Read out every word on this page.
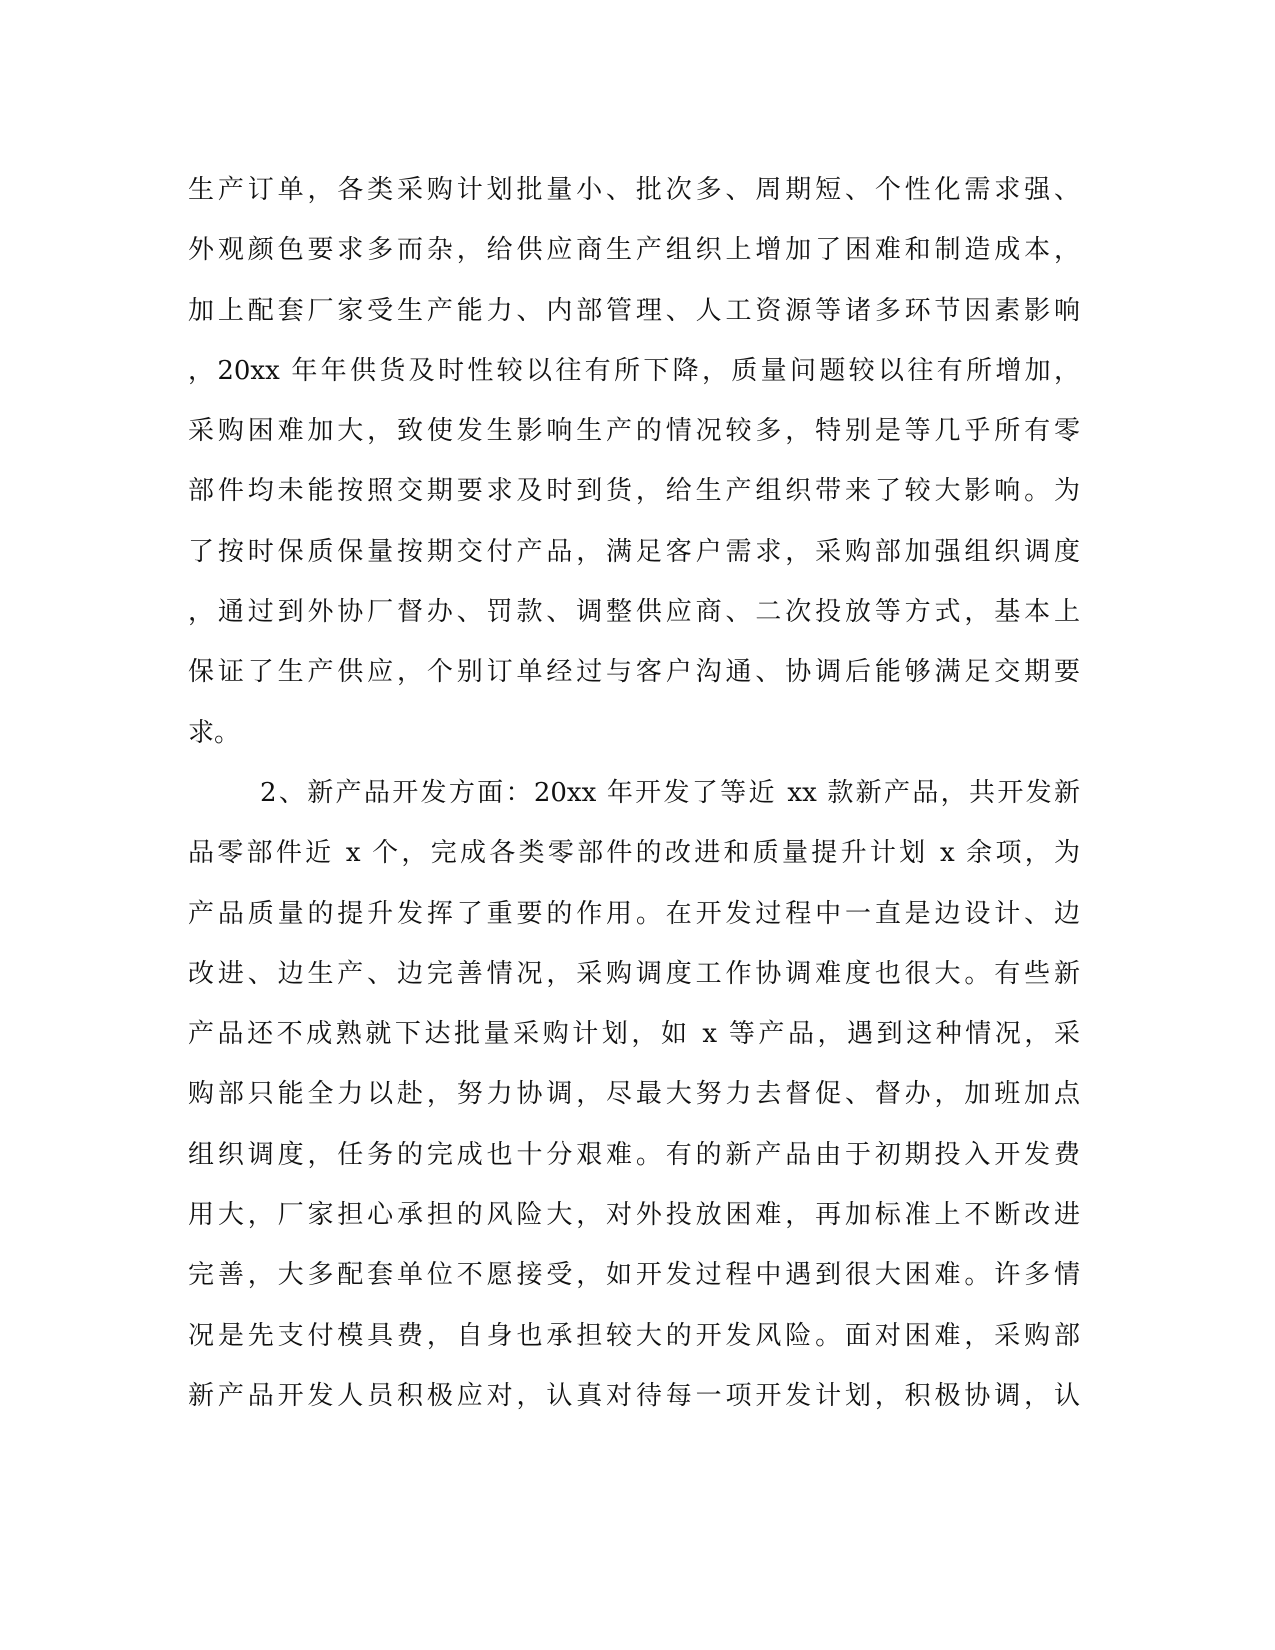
生产订单，各类采购计划批量小、批次多、周期短、个性化需求强、
外观颜色要求多而杂，给供应商生产组织上增加了困难和制造成本，
加上配套厂家受生产能力、内部管理、人工资源等诸多环节因素影响
，20xx 年年供货及时性较以往有所下降，质量问题较以往有所增加，
采购困难加大，致使发生影响生产的情况较多，特别是等几乎所有零
部件均未能按照交期要求及时到货，给生产组织带来了较大影响。为
了按时保质保量按期交付产品，满足客户需求，采购部加强组织调度
，通过到外协厂督办、罚款、调整供应商、二次投放等方式，基本上
保证了生产供应，个别订单经过与客户沟通、协调后能够满足交期要
求。
2、新产品开发方面：20xx 年开发了等近 xx 款新产品，共开发新
品零部件近 x 个，完成各类零部件的改进和质量提升计划 x 余项，为
产品质量的提升发挥了重要的作用。在开发过程中一直是边设计、边
改进、边生产、边完善情况，采购调度工作协调难度也很大。有些新
产品还不成熟就下达批量采购计划，如 x 等产品，遇到这种情况，采
购部只能全力以赴，努力协调，尽最大努力去督促、督办，加班加点
组织调度，任务的完成也十分艰难。有的新产品由于初期投入开发费
用大，厂家担心承担的风险大，对外投放困难，再加标准上不断改进
完善，大多配套单位不愿接受，如开发过程中遇到很大困难。许多情
况是先支付模具费，自身也承担较大的开发风险。面对困难，采购部
新产品开发人员积极应对，认真对待每一项开发计划，积极协调，认
